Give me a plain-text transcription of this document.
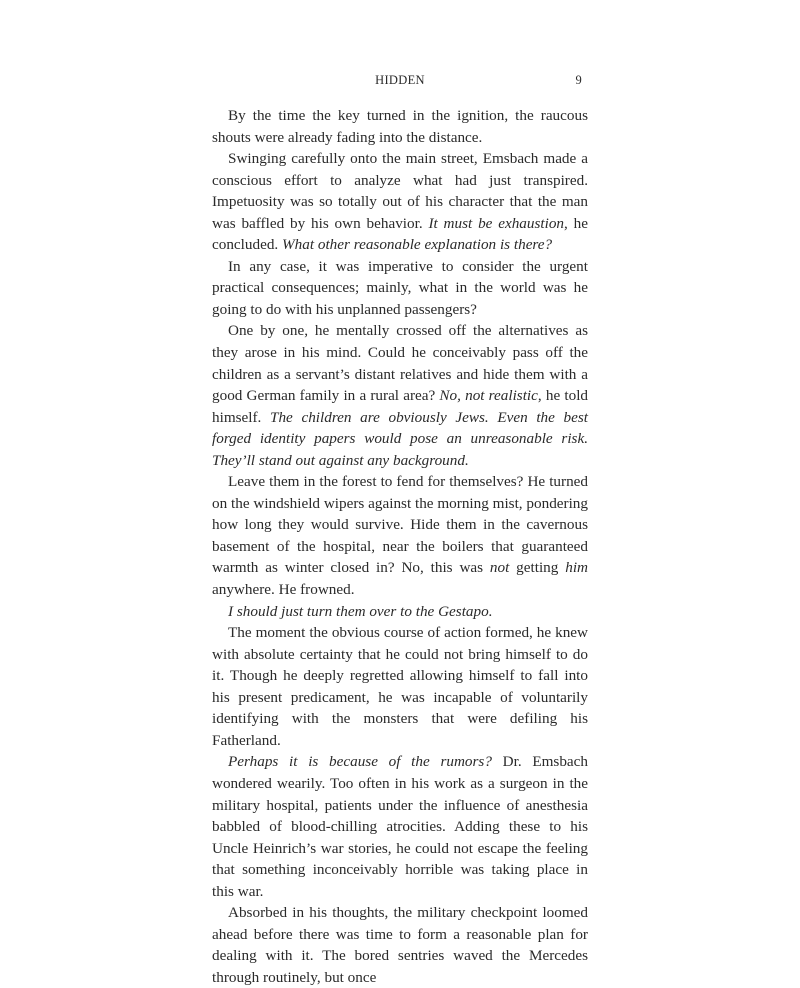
HIDDEN	9

By the time the key turned in the ignition, the raucous shouts were already fading into the distance.

Swinging carefully onto the main street, Emsbach made a conscious effort to analyze what had just transpired. Impetuosity was so totally out of his character that the man was baffled by his own behavior. It must be exhaustion, he concluded. What other reasonable explanation is there?

In any case, it was imperative to consider the urgent practical consequences; mainly, what in the world was he going to do with his unplanned passengers?

One by one, he mentally crossed off the alternatives as they arose in his mind. Could he conceivably pass off the children as a servant’s distant relatives and hide them with a good German family in a rural area? No, not realistic, he told himself. The children are obviously Jews. Even the best forged identity papers would pose an unreasonable risk. They’ll stand out against any background.

Leave them in the forest to fend for themselves? He turned on the windshield wipers against the morning mist, pondering how long they would survive. Hide them in the cavernous basement of the hospital, near the boilers that guaranteed warmth as winter closed in? No, this was not getting him anywhere. He frowned.

I should just turn them over to the Gestapo.

The moment the obvious course of action formed, he knew with absolute certainty that he could not bring himself to do it. Though he deeply regretted allowing himself to fall into his present predicament, he was incapable of voluntarily identifying with the monsters that were defiling his Fatherland.

Perhaps it is because of the rumors? Dr. Emsbach wondered wearily. Too often in his work as a surgeon in the military hospital, patients under the influence of anesthesia babbled of blood-chilling atrocities. Adding these to his Uncle Heinrich’s war stories, he could not escape the feeling that something inconceivably horrible was taking place in this war.

Absorbed in his thoughts, the military checkpoint loomed ahead before there was time to form a reasonable plan for dealing with it. The bored sentries waved the Mercedes through routinely, but once
